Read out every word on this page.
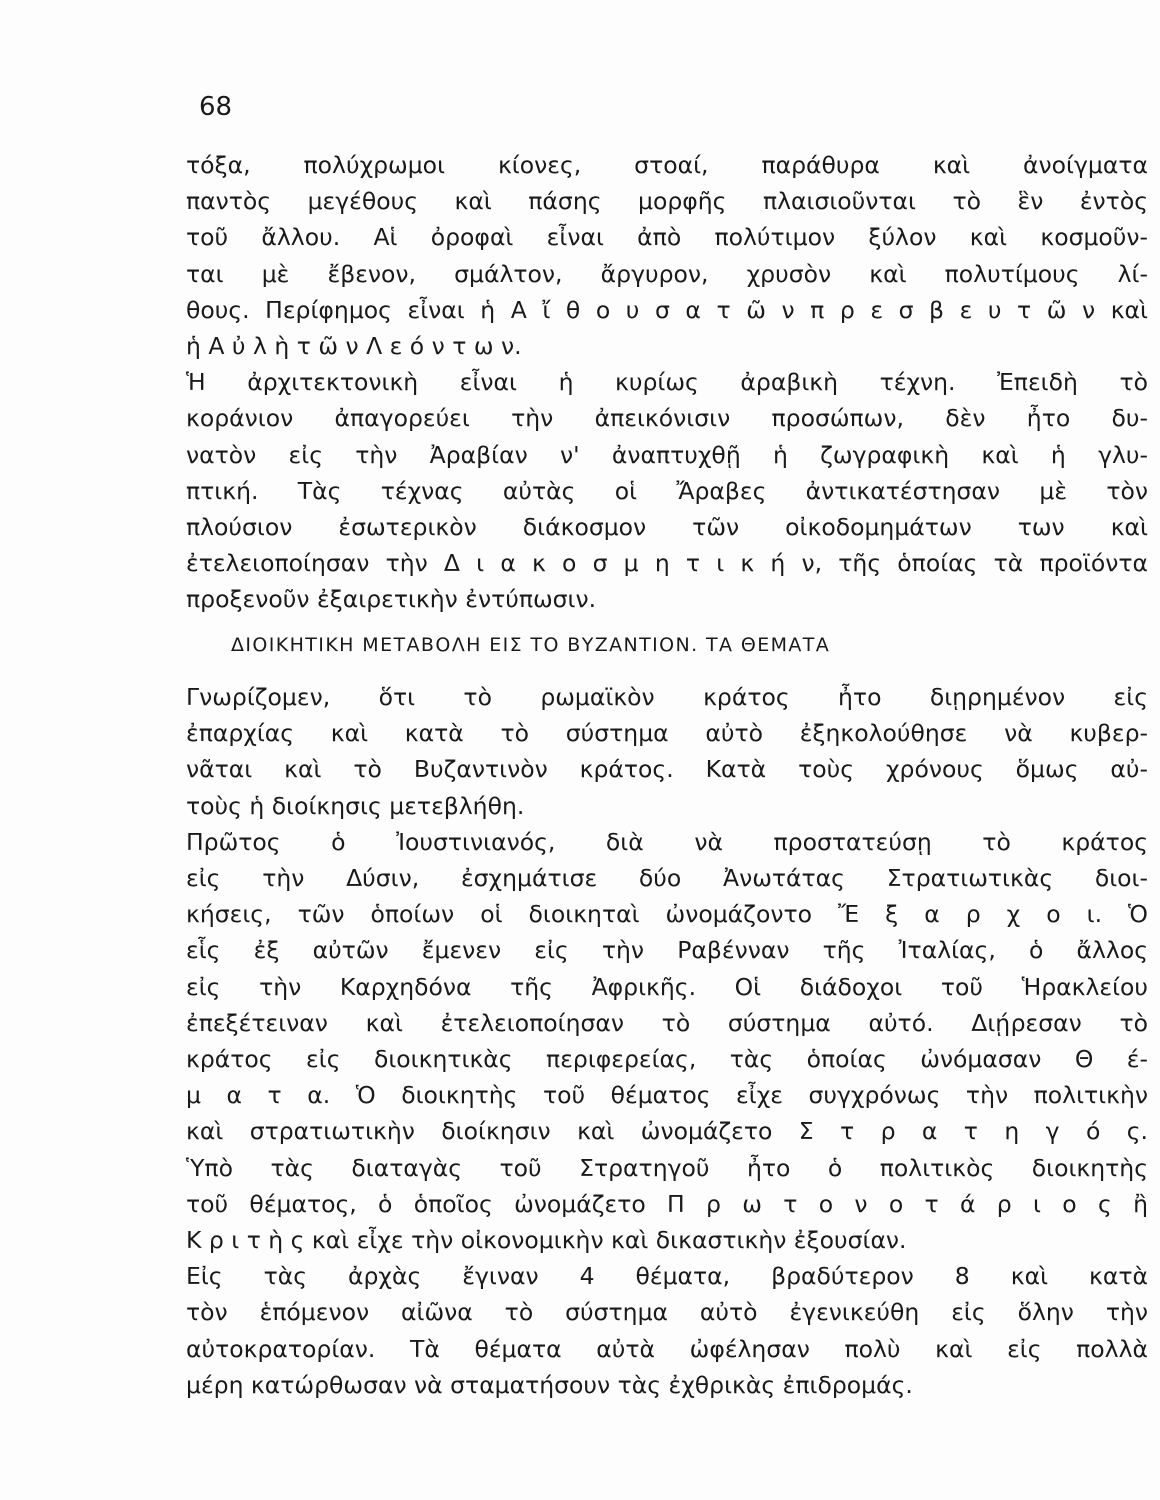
68
τόξα, πολύχρωμοι κίονες, στοαί, παράθυρα καὶ ἀνοίγματα
παντὸς μεγέθους καὶ πάσης μορφῆς πλαισιοῦνται τὸ ἓν ἐντὸς
τοῦ ἄλλου. Αἱ ὀροφαὶ εἶναι ἀπὸ πολύτιμον ξύλον καὶ κοσμοῦν-
ται μὲ ἔβενον, σμάλτον, ἄργυρον, χρυσὸν καὶ πολυτίμους λί-
θους. Περίφημος εἶναι ἡ Α ἴ θ ο υ σ α τ ῶ ν π ρ ε σ β ε υ τ ῶ ν καὶ
ἡ Α ὐ λ ὴ τ ῶ ν Λ ε ό ν τ ω ν.
Ἡ ἀρχιτεκτονικὴ εἶναι ἡ κυρίως ἀραβικὴ τέχνη. Ἐπειδὴ τὸ
κοράνιον ἀπαγορεύει τὴν ἀπεικόνισιν προσώπων, δὲν ἦτο δυ-
νατὸν εἰς τὴν Ἀραβίαν ν' ἀναπτυχθῇ ἡ ζωγραφικὴ καὶ ἡ γλυ-
πτική. Τὰς τέχνας αὐτὰς οἱ Ἄραβες ἀντικατέστησαν μὲ τὸν
πλούσιον ἐσωτερικὸν διάκοσμον τῶν οἰκοδομημάτων των καὶ
ἐτελειοποίησαν τὴν Δ ι α κ ο σ μ η τ ι κ ή ν, τῆς ὁποίας τὰ προϊόντα
προξενοῦν ἐξαιρετικὴν ἐντύπωσιν.
ΔΙΟΙΚΗΤΙΚΗ ΜΕΤΑΒΟΛΗ ΕΙΣ ΤΟ ΒΥΖΑΝΤΙΟΝ. ΤΑ ΘΕΜΑΤΑ
Γνωρίζομεν, ὅτι τὸ ρωμαϊκὸν κράτος ἦτο διῃρημένον εἰς
ἐπαρχίας καὶ κατὰ τὸ σύστημα αὐτὸ ἐξηκολούθησε νὰ κυβερ-
νᾶται καὶ τὸ Βυζαντινὸν κράτος. Κατὰ τοὺς χρόνους ὅμως αὐ-
τοὺς ἡ διοίκησις μετεβλήθη.
Πρῶτος ὁ Ἰουστινιανός, διὰ νὰ προστατεύσῃ τὸ κράτος
εἰς τὴν Δύσιν, ἐσχημάτισε δύο Ἀνωτάτας Στρατιωτικὰς διοι-
κήσεις, τῶν ὁποίων οἱ διοικηταὶ ὠνομάζοντο Ἔ ξ α ρ χ ο ι. Ὁ
εἷς ἐξ αὐτῶν ἔμενεν εἰς τὴν Ραβένναν τῆς Ἰταλίας, ὁ ἄλλος
εἰς τὴν Καρχηδόνα τῆς Ἀφρικῆς. Οἱ διάδοχοι τοῦ Ἡρακλείου
ἐπεξέτειναν καὶ ἐτελειοποίησαν τὸ σύστημα αὐτό. Διῄρεσαν τὸ
κράτος εἰς διοικητικὰς περιφερείας, τὰς ὁποίας ὠνόμασαν Θ έ-
μ α τ α. Ὁ διοικητὴς τοῦ θέματος εἶχε συγχρόνως τὴν πολιτικὴν
καὶ στρατιωτικὴν διοίκησιν καὶ ὠνομάζετο Σ τ ρ α τ η γ ό ς.
Ὑπὸ τὰς διαταγὰς τοῦ Στρατηγοῦ ἦτο ὁ πολιτικὸς διοικητὴς
τοῦ θέματος, ὁ ὁποῖος ὠνομάζετο Π ρ ω τ ο ν ο τ ά ρ ι ο ς ἢ
Κ ρ ι τ ὴ ς καὶ εἶχε τὴν οἰκονομικὴν καὶ δικαστικὴν ἐξουσίαν.
Εἰς τὰς ἀρχὰς ἔγιναν 4 θέματα, βραδύτερον 8 καὶ κατὰ
τὸν ἑπόμενον αἰῶνα τὸ σύστημα αὐτὸ ἐγενικεύθη εἰς ὅλην τὴν
αὐτοκρατορίαν. Τὰ θέματα αὐτὰ ὠφέλησαν πολὺ καὶ εἰς πολλὰ
μέρη κατώρθωσαν νὰ σταματήσουν τὰς ἐχθρικὰς ἐπιδρομάς.
